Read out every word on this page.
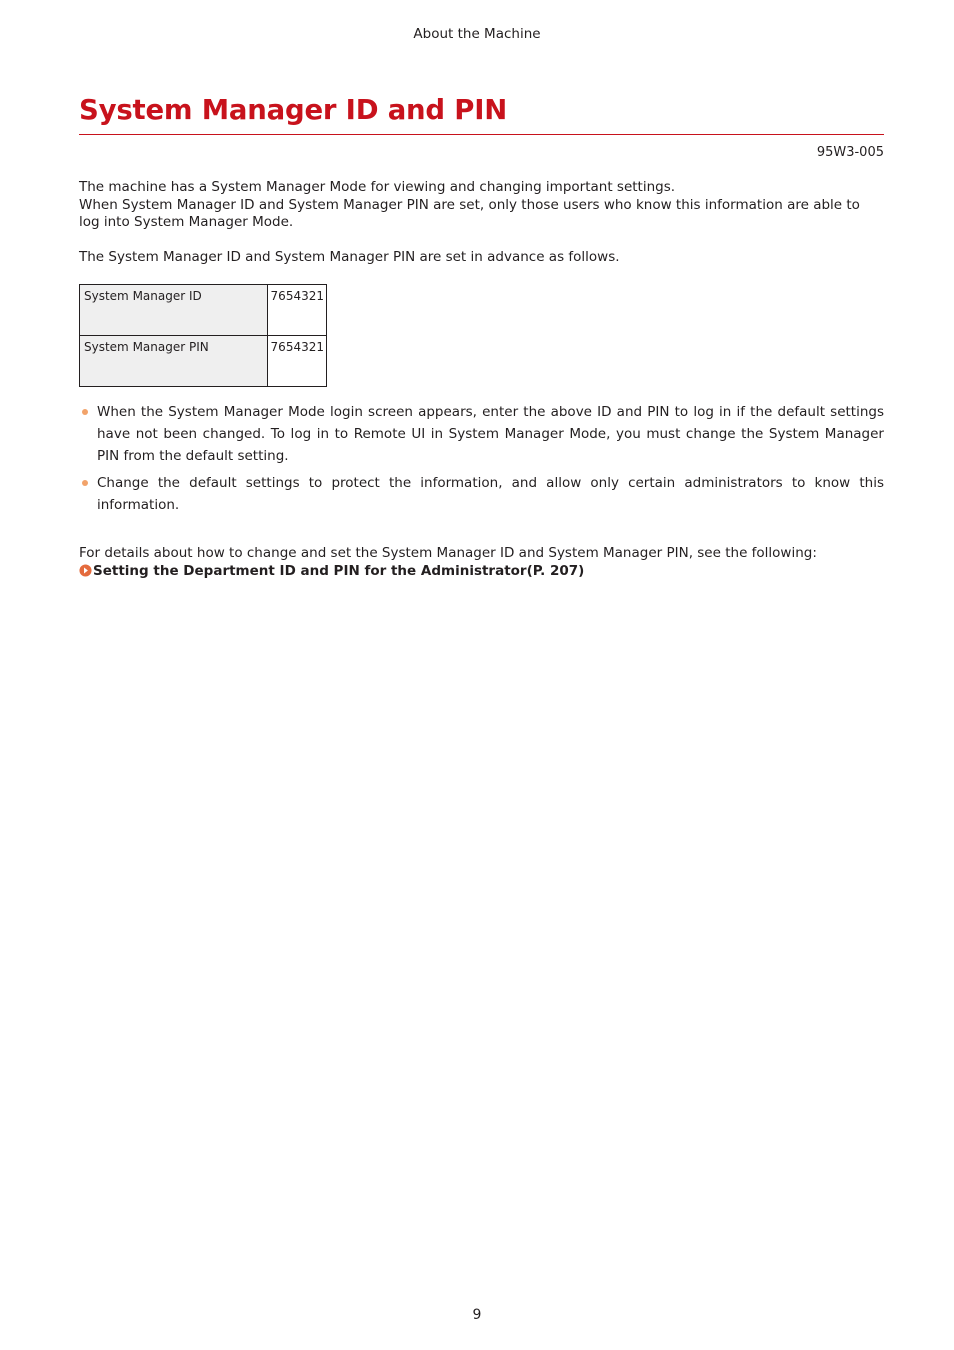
About the Machine
System Manager ID and PIN
95W3-005

The machine has a System Manager Mode for viewing and changing important settings.
When System Manager ID and System Manager PIN are set, only those users who know this information are able to log into System Manager Mode.

The System Manager ID and System Manager PIN are set in advance as follows.

System Manager ID	7654321
System Manager PIN	7654321
When the System Manager Mode login screen appears, enter the above ID and PIN to log in if the default settings have not been changed. To log in to Remote UI in System Manager Mode, you must change the System Manager PIN from the default setting.
Change the default settings to protect the information, and allow only certain administrators to know this information.

For details about how to change and set the System Manager ID and System Manager PIN, see the following:

Setting the Department ID and PIN for the Administrator(P. 207)
9
